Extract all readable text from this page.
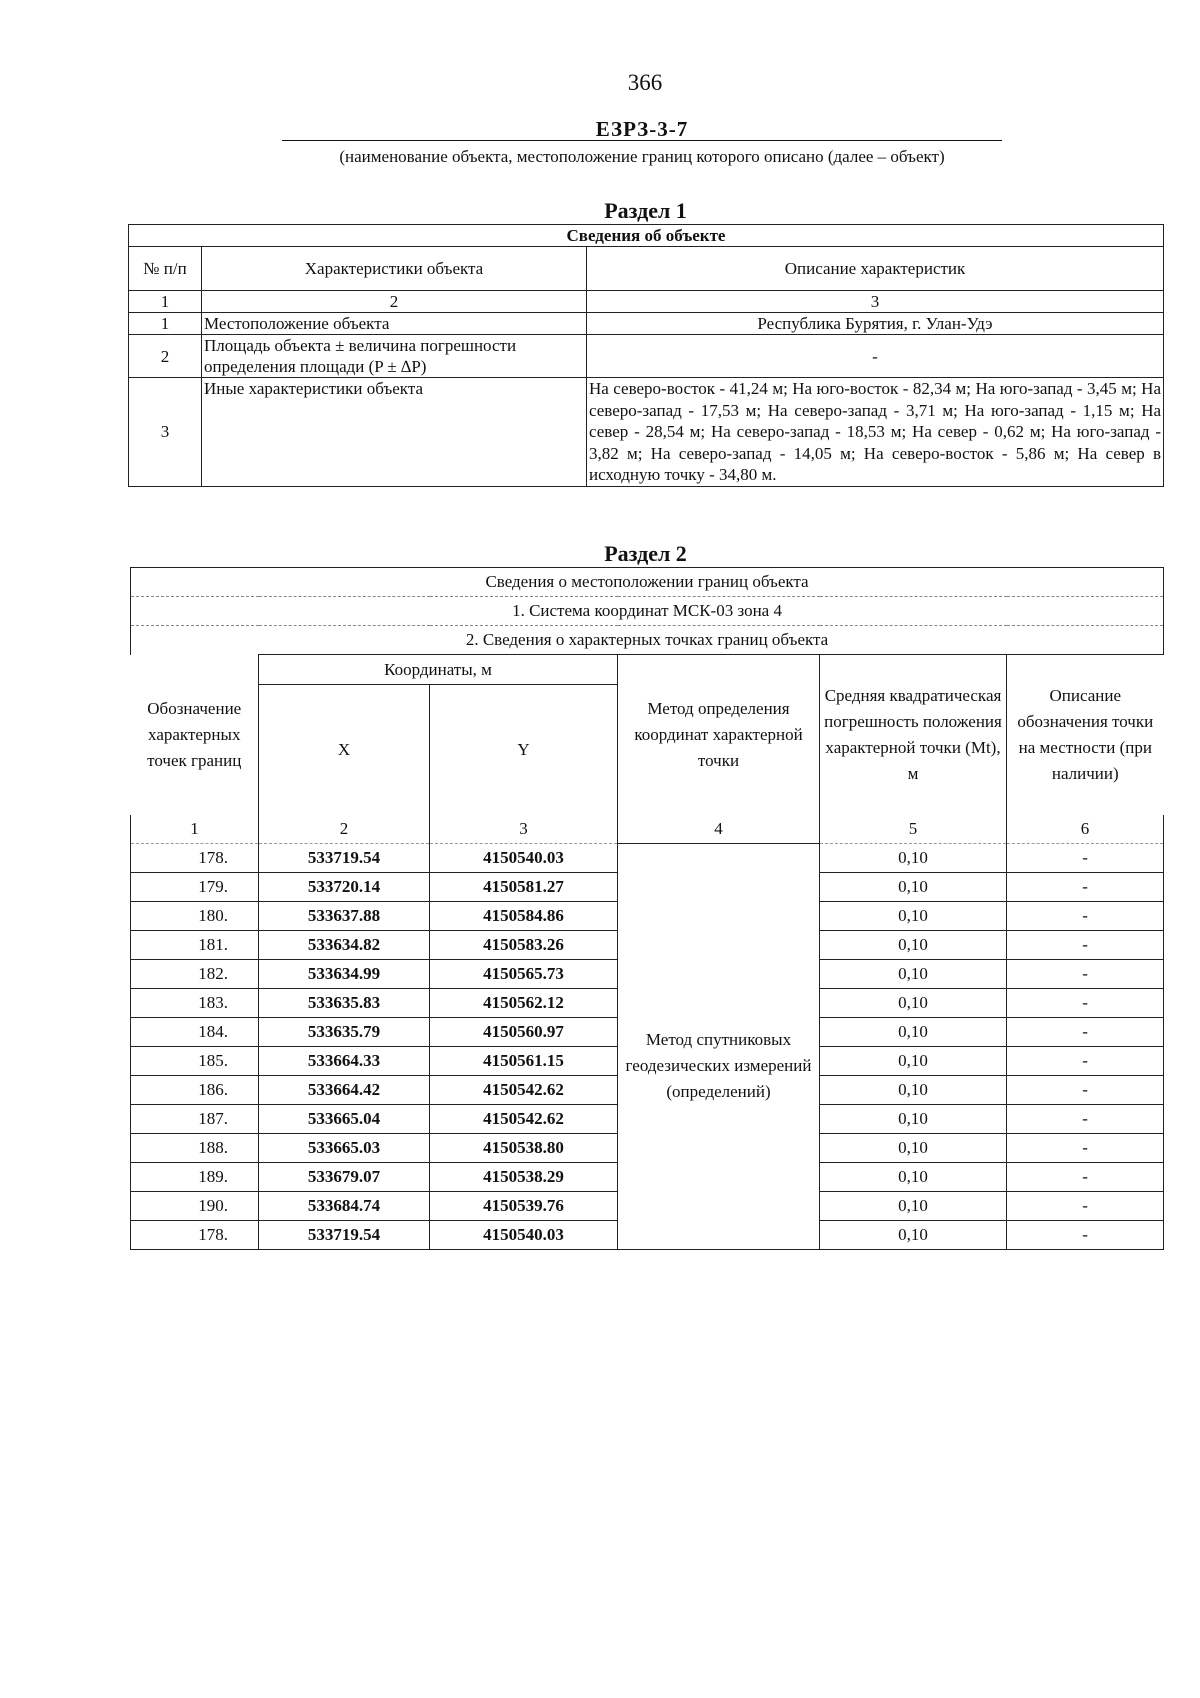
366
ЕЗРЗ-3-7
(наименование объекта, местоположение границ которого описано (далее – объект)
Раздел 1
Сведения об объекте		
№ п/п	Характеристики объекта	Описание характеристик
1	2	3
1	Местоположение объекта	Республика Бурятия, г. Улан-Удэ
2	Площадь объекта ± величина погрешности определения площади (P ± ∆P)	-
3	Иные характеристики объекта	На северо-восток - 41,24 м; На юго-восток - 82,34 м; На юго-запад - 3,45 м; На северо-запад - 17,53 м; На северо-запад - 3,71 м; На юго-запад - 1,15 м; На север - 28,54 м; На северо-запад - 18,53 м; На север - 0,62 м; На юго-запад - 3,82 м; На северо-запад - 14,05 м; На северо-восток - 5,86 м; На север в исходную точку - 34,80 м.
Раздел 2
Сведения о местоположении границ объекта					
1. Система координат МСК-03 зона 4					
2. Сведения о характерных точках границ объекта					
Обозначение характерных точек границ	Координаты, м		Метод определения координат характерной точки	Средняя квадратическая погрешность положения характерной точки (Mt), м	Описание обозначения точки на местности (при наличии)
	X	Y			
1	2	3	4	5	6
178.	533719.54	4150540.03	Метод спутниковых геодезических измерений (определений)	0,10	-
179.	533720.14	4150581.27		0,10	-
180.	533637.88	4150584.86		0,10	-
181.	533634.82	4150583.26		0,10	-
182.	533634.99	4150565.73		0,10	-
183.	533635.83	4150562.12		0,10	-
184.	533635.79	4150560.97		0,10	-
185.	533664.33	4150561.15		0,10	-
186.	533664.42	4150542.62		0,10	-
187.	533665.04	4150542.62		0,10	-
188.	533665.03	4150538.80		0,10	-
189.	533679.07	4150538.29		0,10	-
190.	533684.74	4150539.76		0,10	-
178.	533719.54	4150540.03		0,10	-
